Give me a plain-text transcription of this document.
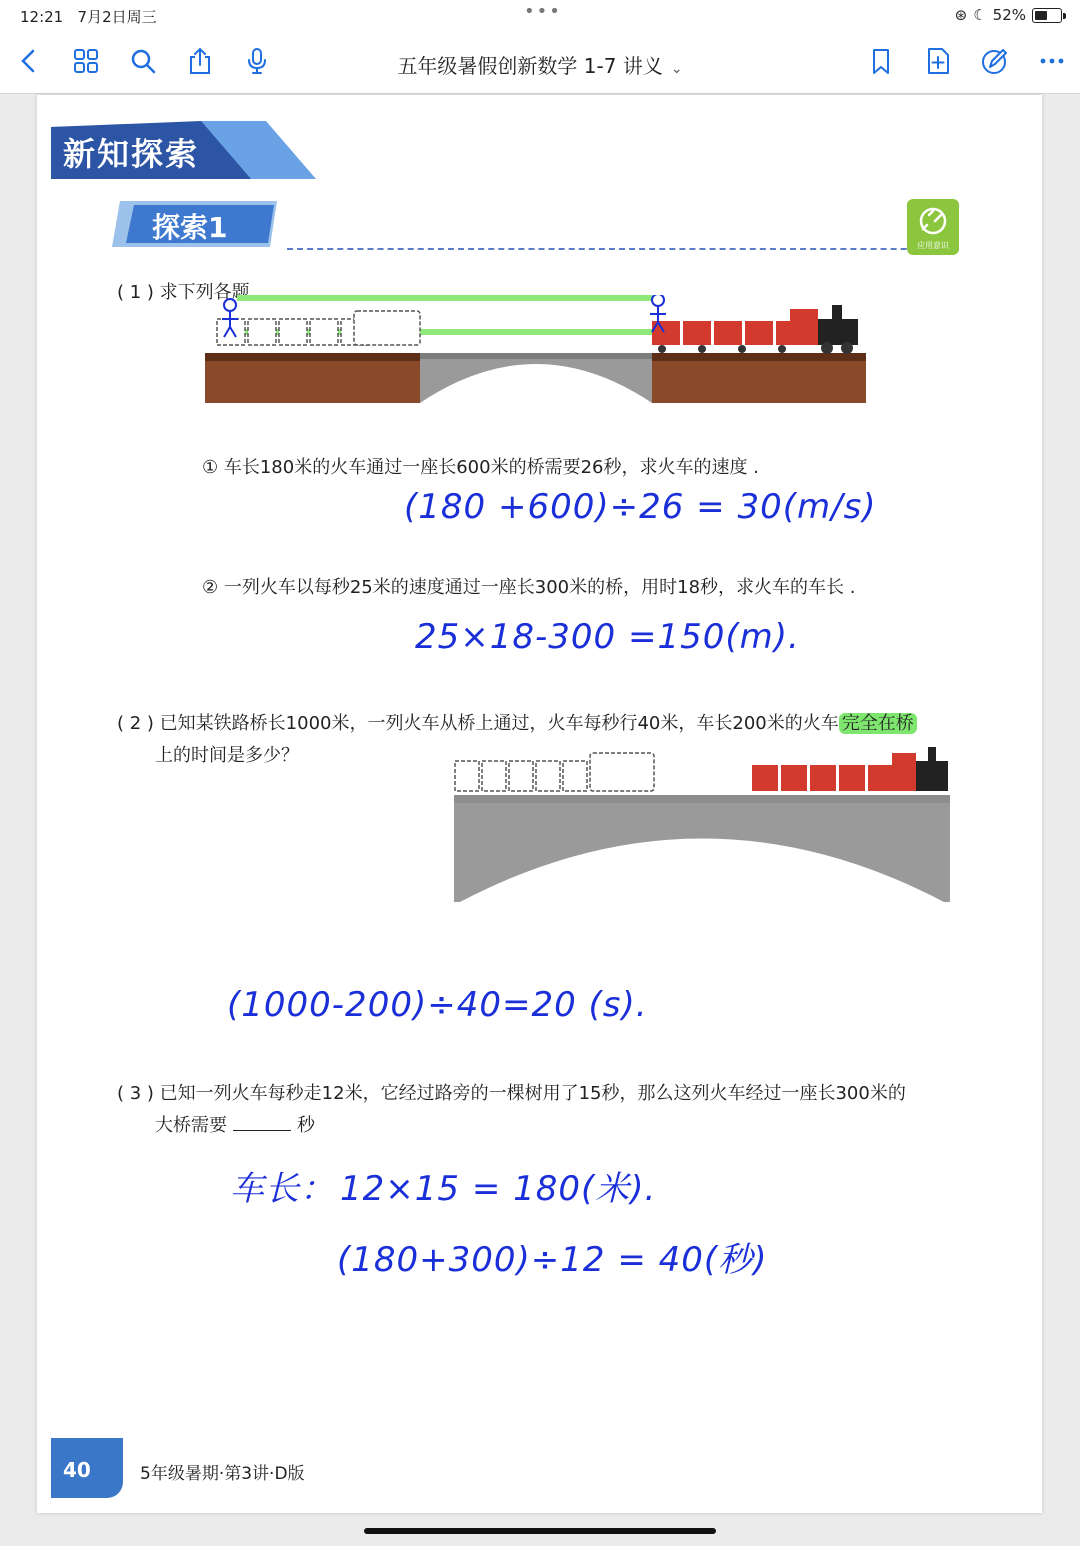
12:21 7月2日周三	•••	⊛ ☾ 52%
五年级暑假创新数学 1-7 讲义 ⌄
新知探索
探索1
应用意识
( 1 ) 求下列各题 .
① 车长180米的火车通过一座长600米的桥需要26秒，求火车的速度 .
(180 +600)÷26 = 30(m/s)
② 一列火车以每秒25米的速度通过一座长300米的桥，用时18秒，求火车的车长 .
25×18-300 =150(m).
( 2 ) 已知某铁路桥长1000米，一列火车从桥上通过，火车每秒行40米，车长200米的火车 完全在桥
上的时间是多少？
(1000-200)÷40=20 (s).
( 3 ) 已知一列火车每秒走12米，它经过路旁的一棵树用了15秒，那么这列火车经过一座长300米的
大桥需要	秒
车长： 12×15 = 180(米).
(180+300)÷12 = 40(秒)
40	5年级暑期·第3讲·D版
